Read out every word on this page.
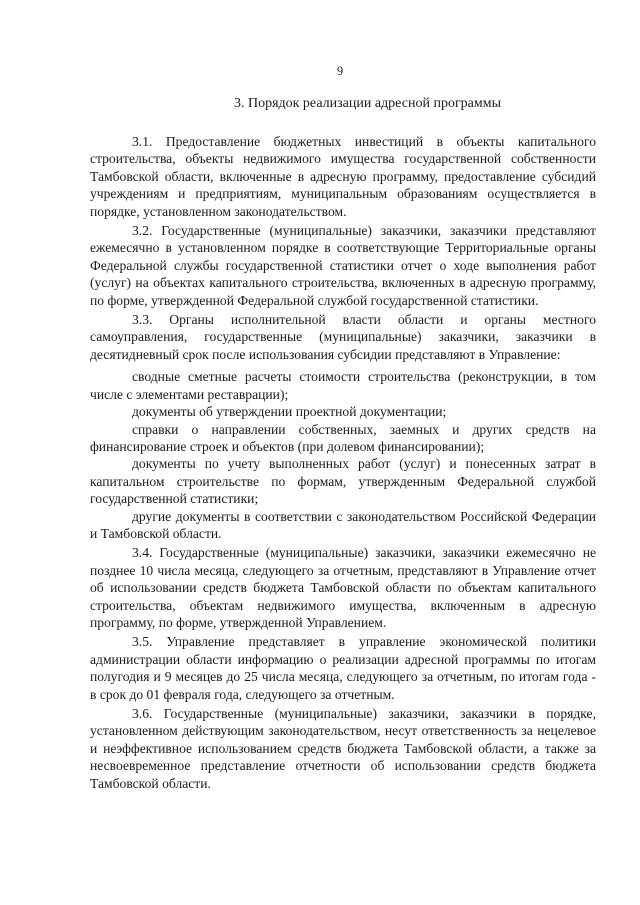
9
3. Порядок реализации адресной программы

3.1. Предоставление бюджетных инвестиций в объекты капитального строительства, объекты недвижимого имущества государственной собственности Тамбовской области, включенные в адресную программу, предоставление субсидий учреждениям и предприятиям, муниципальным образованиям осуществляется в порядке, установленном законодательством.

3.2. Государственные (муниципальные) заказчики, заказчики представляют ежемесячно в установленном порядке в соответствующие Территориальные органы Федеральной службы государственной статистики отчет о ходе выполнения работ (услуг) на объектах капитального строительства, включенных в адресную программу, по форме, утвержденной Федеральной службой государственной статистики.

3.3. Органы исполнительной власти области и органы местного самоуправления, государственные (муниципальные) заказчики, заказчики в десятидневный срок после использования субсидии представляют в Управление:

сводные сметные расчеты стоимости строительства (реконструкции, в том числе с элементами реставрации);

документы об утверждении проектной документации;

справки о направлении собственных, заемных и других средств на финансирование строек и объектов (при долевом финансировании);

документы по учету выполненных работ (услуг) и понесенных затрат в капитальном строительстве по формам, утвержденным Федеральной службой государственной статистики;

другие документы в соответствии с законодательством Российской Федерации и Тамбовской области.

3.4. Государственные (муниципальные) заказчики, заказчики ежемесячно не позднее 10 числа месяца, следующего за отчетным, представляют в Управление отчет об использовании средств бюджета Тамбовской области по объектам капитального строительства, объектам недвижимого имущества, включенным в адресную программу, по форме, утвержденной Управлением.

3.5. Управление представляет в управление экономической политики администрации области информацию о реализации адресной программы по итогам полугодия и 9 месяцев до 25 числа месяца, следующего за отчетным, по итогам года - в срок до 01 февраля года, следующего за отчетным.

3.6. Государственные (муниципальные) заказчики, заказчики в порядке, установленном действующим законодательством, несут ответственность за нецелевое и неэффективное использованием средств бюджета Тамбовской области, а также за несвоевременное представление отчетности об использовании средств бюджета Тамбовской области.
